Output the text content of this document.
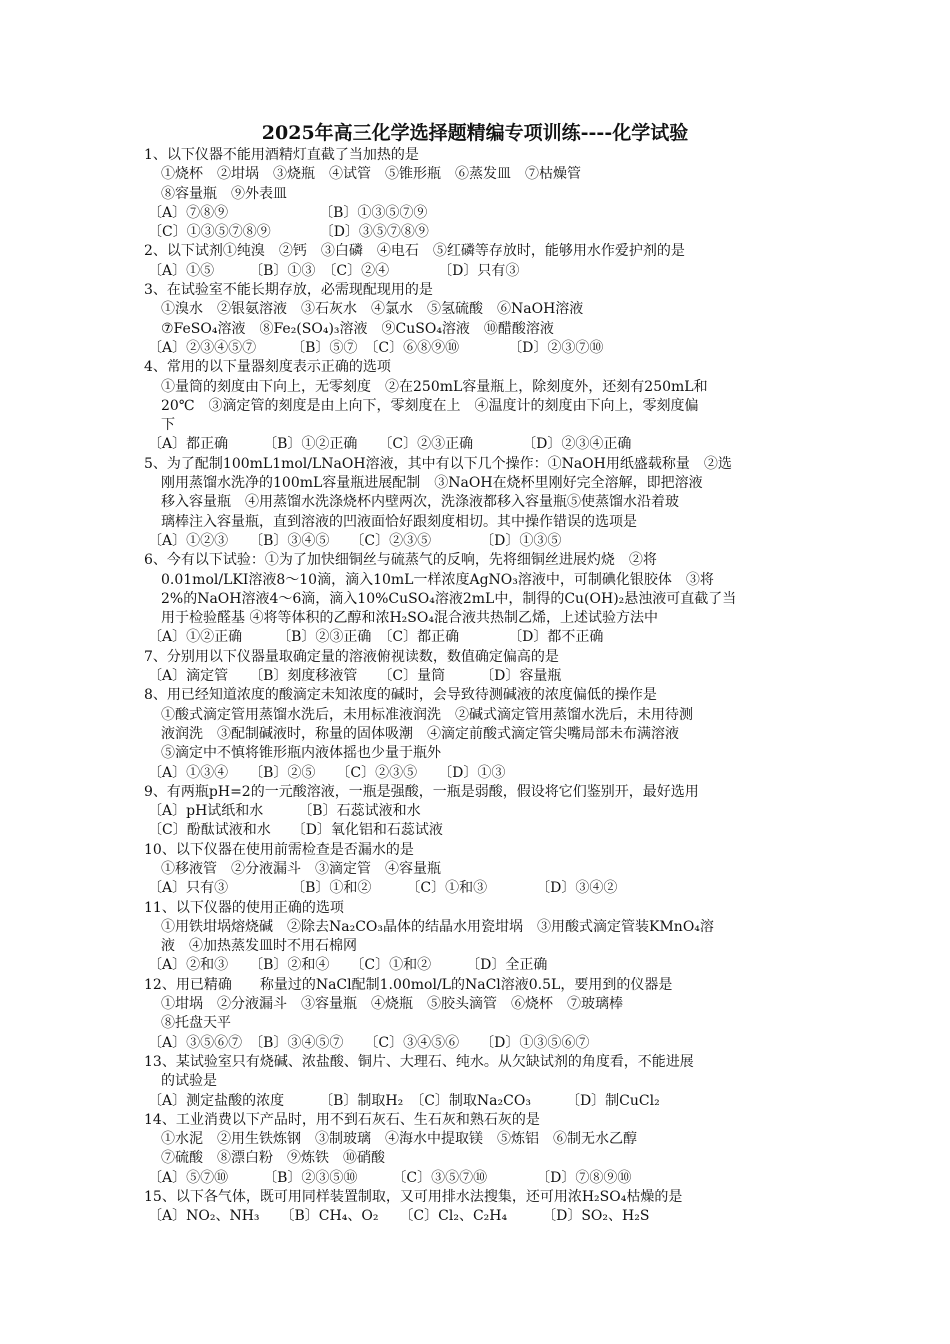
2025年高三化学选择题精编专项训练----化学试验
1、以下仪器不能用酒精灯直截了当加热的是
①烧杯　②坩埚　③烧瓶　④试管　⑤锥形瓶　⑥蒸发皿　⑦枯燥管
⑧容量瓶　⑨外表皿
〔A〕⑦⑧⑨　　　　　　　〔B〕①③⑤⑦⑨
〔C〕①③⑤⑦⑧⑨　　　　〔D〕③⑤⑦⑧⑨
2、以下试剂①纯溴　②钙　③白磷　④电石　⑤红磷等存放时，能够用水作爱护剂的是
〔A〕①⑤　　　〔B〕①③　〔C〕②④　　　　〔D〕只有③
3、在试验室不能长期存放，必需现配现用的是
①溴水　②银氨溶液　③石灰水　④氯水　⑤氢硫酸　⑥NaOH溶液
⑦FeSO₄溶液　⑧Fe₂(SO₄)₃溶液　⑨CuSO₄溶液　⑩醋酸溶液
〔A〕②③④⑤⑦　　　〔B〕⑤⑦　〔C〕⑥⑧⑨⑩　　　　〔D〕②③⑦⑩
4、常用的以下量器刻度表示正确的选项
①量筒的刻度由下向上，无零刻度　②在250mL容量瓶上，除刻度外，还刻有250mL和
20℃　③滴定管的刻度是由上向下，零刻度在上　④温度计的刻度由下向上，零刻度偏
下
〔A〕都正确　　　〔B〕①②正确　　〔C〕②③正确　　　　〔D〕②③④正确
5、为了配制100mL1mol/LNaOH溶液，其中有以下几个操作：①NaOH用纸盛载称量　②选
刚用蒸馏水洗净的100mL容量瓶进展配制　③NaOH在烧杯里刚好完全溶解，即把溶液
移入容量瓶　④用蒸馏水洗涤烧杯内壁两次，洗涤液都移入容量瓶⑤使蒸馏水沿着玻
璃棒注入容量瓶，直到溶液的凹液面恰好跟刻度相切。其中操作错误的选项是
〔A〕①②③　　〔B〕③④⑤　　〔C〕②③⑤　　　　〔D〕①③⑤
6、今有以下试验：①为了加快细铜丝与硫蒸气的反响，先将细铜丝进展灼烧　②将
0.01mol/LKI溶液8～10滴，滴入10mL一样浓度AgNO₃溶液中，可制碘化银胶体　③将
2%的NaOH溶液4～6滴，滴入10%CuSO₄溶液2mL中，制得的Cu(OH)₂悬浊液可直截了当
用于检验醛基 ④将等体积的乙醇和浓H₂SO₄混合液共热制乙烯，上述试验方法中
〔A〕①②正确　　　〔B〕②③正确　〔C〕都正确　　　　〔D〕都不正确
7、分别用以下仪器量取确定量的溶液俯视读数，数值确定偏高的是
〔A〕滴定管　　〔B〕刻度移液管　　〔C〕量筒　　　〔D〕容量瓶
8、用已经知道浓度的酸滴定未知浓度的碱时，会导致待测碱液的浓度偏低的操作是
①酸式滴定管用蒸馏水洗后，未用标准液润洗　②碱式滴定管用蒸馏水洗后，未用待测
液润洗　③配制碱液时，称量的固体吸潮　④滴定前酸式滴定管尖嘴局部未布满溶液
⑤滴定中不慎将锥形瓶内液体摇也少量于瓶外
〔A〕①③④　　〔B〕②⑤　　〔C〕②③⑤　　〔D〕①③
9、有两瓶pH=2的一元酸溶液，一瓶是强酸，一瓶是弱酸，假设将它们鉴别开，最好选用
〔A〕pH试纸和水　　　〔B〕石蕊试液和水
〔C〕酚酞试液和水　　〔D〕氧化铝和石蕊试液
10、以下仪器在使用前需检查是否漏水的是
①移液管　②分液漏斗　③滴定管　④容量瓶
〔A〕只有③　　　　　〔B〕①和②　　　〔C〕①和③　　　　〔D〕③④②
11、以下仪器的使用正确的选项
①用铁坩埚熔烧碱　②除去Na₂CO₃晶体的结晶水用瓷坩埚　③用酸式滴定管装KMnO₄溶
液　④加热蒸发皿时不用石棉网
〔A〕②和③　　〔B〕②和④　　〔C〕①和②　　　〔D〕全正确
12、用已精确　　称量过的NaCl配制1.00mol/L的NaCl溶液0.5L，要用到的仪器是
①坩埚　②分液漏斗　③容量瓶　④烧瓶　⑤胶头滴管　⑥烧杯　⑦玻璃棒
⑧托盘天平
〔A〕③⑤⑥⑦　〔B〕③④⑤⑦　　〔C〕③④⑤⑥　　〔D〕①③⑤⑥⑦
13、某试验室只有烧碱、浓盐酸、铜片、大理石、纯水。从欠缺试剂的角度看，不能进展
的试验是
〔A〕测定盐酸的浓度　　　〔B〕制取H₂　〔C〕制取Na₂CO₃　　　〔D〕制CuCl₂
14、工业消费以下产品时，用不到石灰石、生石灰和熟石灰的是
①水泥　②用生铁炼钢　③制玻璃　④海水中提取镁　⑤炼铝　⑥制无水乙醇
⑦硫酸　⑧漂白粉　⑨炼铁　⑩硝酸
〔A〕⑤⑦⑩　　　〔B〕②③⑤⑩　　　〔C〕③⑤⑦⑩　　　　〔D〕⑦⑧⑨⑩
15、以下各气体，既可用同样装置制取，又可用排水法搜集，还可用浓H₂SO₄枯燥的是
〔A〕NO₂、NH₃　　〔B〕CH₄、O₂　　〔C〕Cl₂、C₂H₄　　　〔D〕SO₂、H₂S
